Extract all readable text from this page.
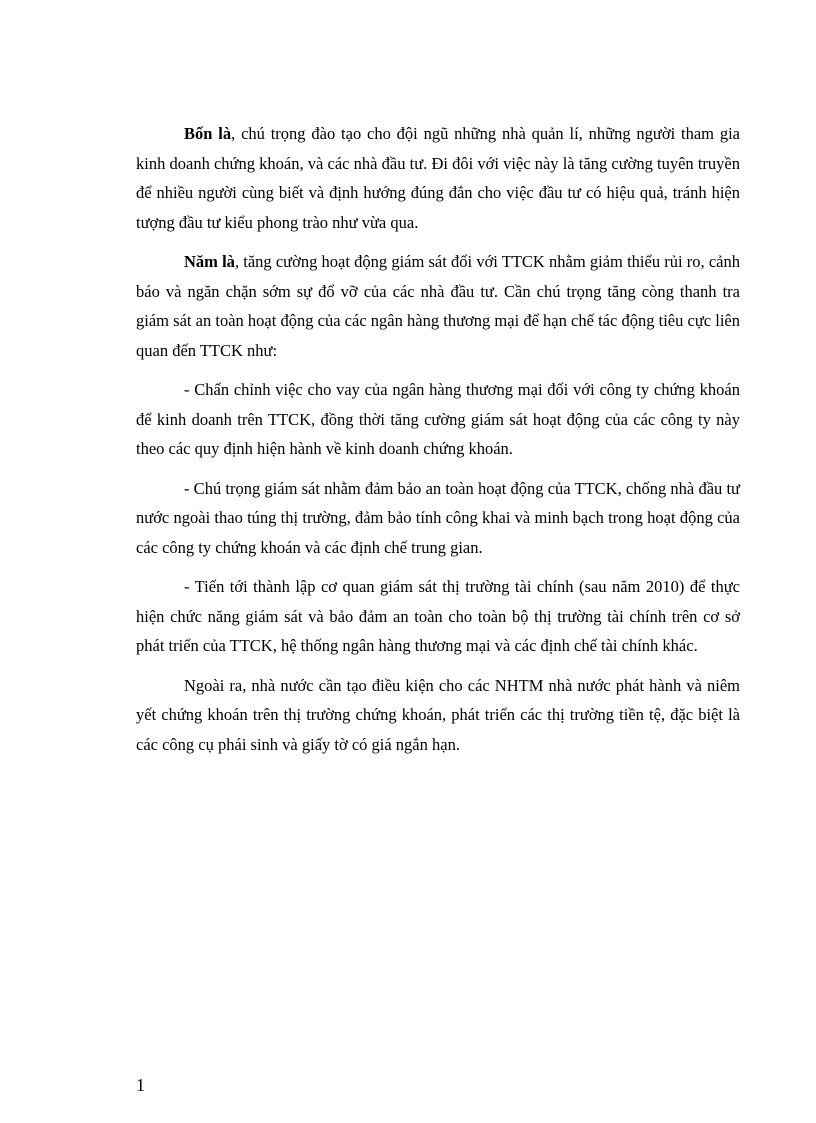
Bốn là, chú trọng đào tạo cho đội ngũ những nhà quản lí, những người tham gia kinh doanh chứng khoán, và các nhà đầu tư. Đi đôi với việc này là tăng cường tuyên truyền để nhiều người cùng biết và định hướng đúng đắn cho việc đầu tư có hiệu quả, tránh hiện tượng đầu tư kiểu phong trào như vừa qua.

Năm là, tăng cường hoạt động giám sát đối với TTCK nhằm giảm thiểu rủi ro, cảnh báo và ngăn chặn sớm sự đổ vỡ của các nhà đầu tư. Cần chú trọng tăng còng thanh tra giám sát an toàn hoạt động của các ngân hàng thương mại để hạn chế tác động tiêu cực liên quan đến TTCK như:

- Chấn chỉnh việc cho vay của ngân hàng thương mại đối với công ty chứng khoán để kinh doanh trên TTCK, đồng thời tăng cường giám sát hoạt động của các công ty này theo các quy định hiện hành về kinh doanh chứng khoán.

- Chú trọng giám sát nhằm đảm bảo an toàn hoạt động của TTCK, chống nhà đầu tư nước ngoài thao túng thị trường, đảm bảo tính công khai và minh bạch trong hoạt động của các công ty chứng khoán và các định chế trung gian.

- Tiến tới thành lập cơ quan giám sát thị trường tài chính (sau năm 2010) để thực hiện chức năng giám sát và bảo đảm an toàn cho toàn bộ thị trường tài chính trên cơ sở phát triển của TTCK, hệ thống ngân hàng thương mại và các định chế tài chính khác.

Ngoài ra, nhà nước cần tạo điều kiện cho các NHTM nhà nước phát hành và niêm yết chứng khoán trên thị trường chứng khoán, phát triển các thị trường tiền tệ, đặc biệt là các công cụ phái sinh và giấy tờ có giá ngắn hạn.

1
